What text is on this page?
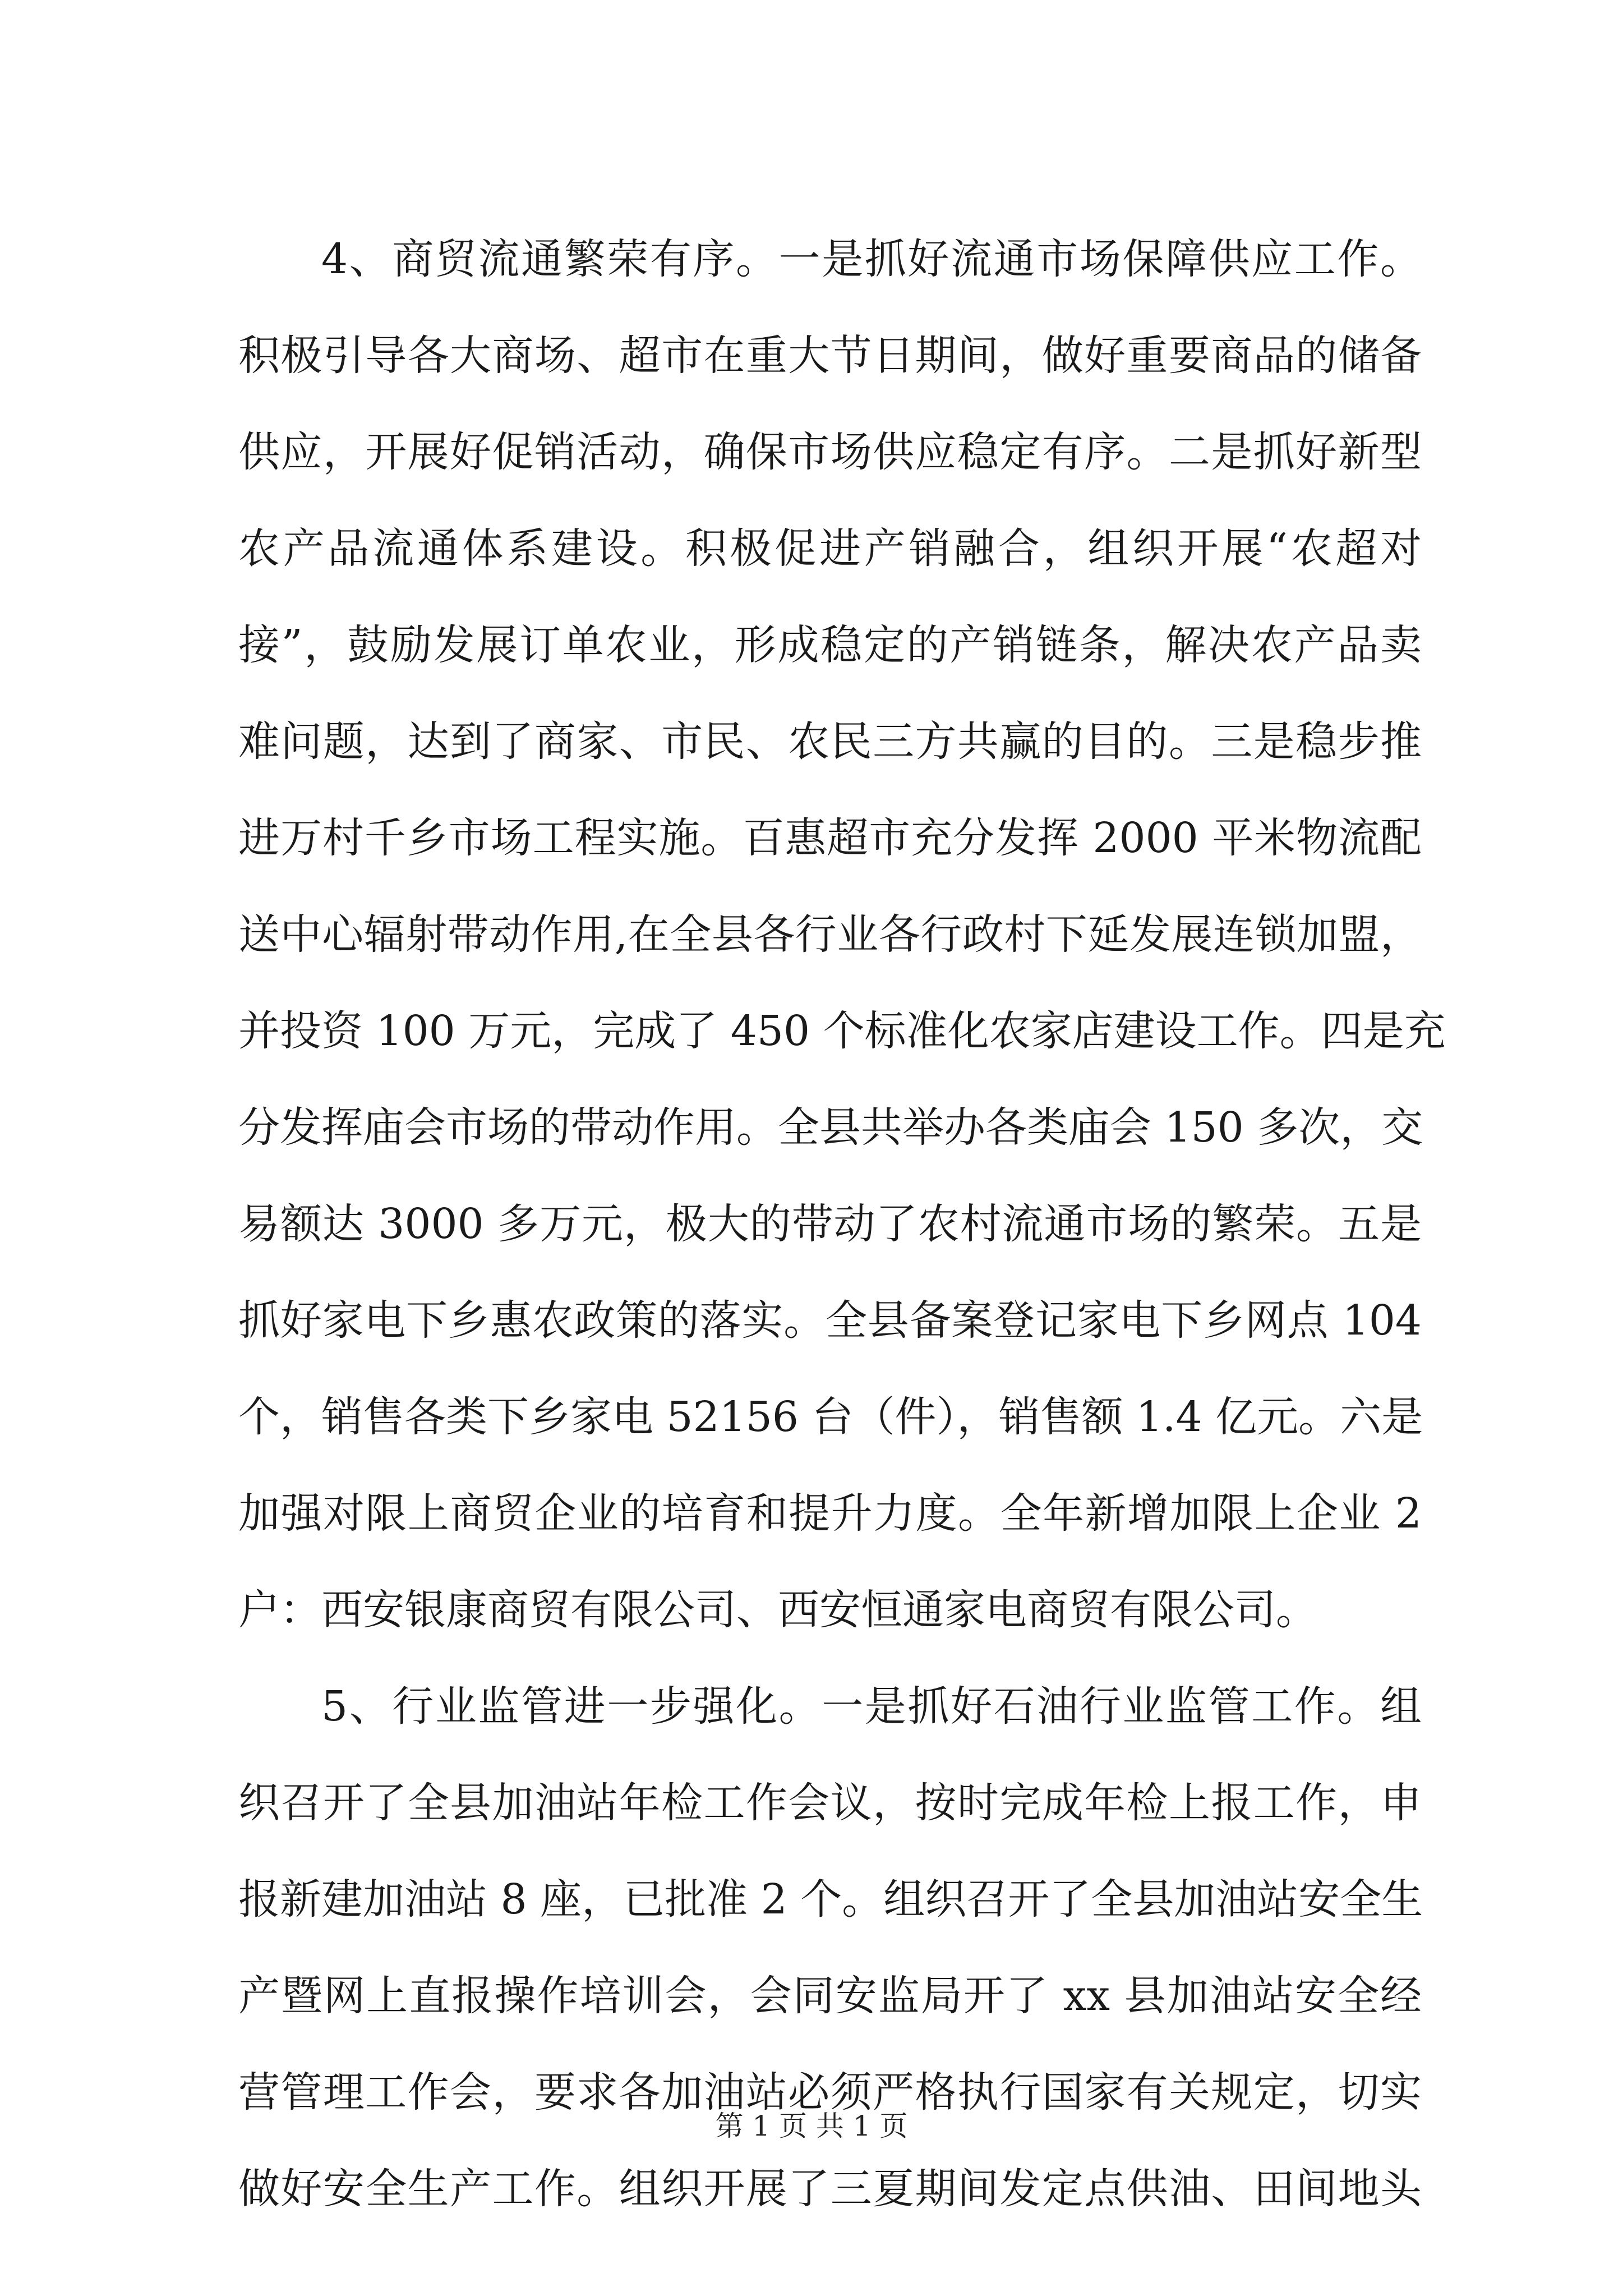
4、商贸流通繁荣有序。一是抓好流通市场保障供应工作。
积极引导各大商场、超市在重大节日期间，做好重要商品的储备
供应，开展好促销活动，确保市场供应稳定有序。二是抓好新型
农产品流通体系建设。积极促进产销融合，组织开展“农超对
接”，鼓励发展订单农业，形成稳定的产销链条，解决农产品卖
难问题，达到了商家、市民、农民三方共赢的目的。三是稳步推
进万村千乡市场工程实施。百惠超市充分发挥 2000 平米物流配
送中心辐射带动作用,在全县各行业各行政村下延发展连锁加盟，
并投资 100 万元，完成了 450 个标准化农家店建设工作。四是充
分发挥庙会市场的带动作用。全县共举办各类庙会 150 多次，交
易额达 3000 多万元，极大的带动了农村流通市场的繁荣。五是
抓好家电下乡惠农政策的落实。全县备案登记家电下乡网点 104
个，销售各类下乡家电 52156 台（件），销售额 1.4 亿元。六是
加强对限上商贸企业的培育和提升力度。全年新增加限上企业 2
户：西安银康商贸有限公司、西安恒通家电商贸有限公司。
5、行业监管进一步强化。一是抓好石油行业监管工作。组
织召开了全县加油站年检工作会议，按时完成年检上报工作，申
报新建加油站 8 座，已批准 2 个。组织召开了全县加油站安全生
产暨网上直报操作培训会，会同安监局开了 xx 县加油站安全经
营管理工作会，要求各加油站必须严格执行国家有关规定，切实
做好安全生产工作。组织开展了三夏期间发定点供油、田间地头
第 1 页 共 1 页
